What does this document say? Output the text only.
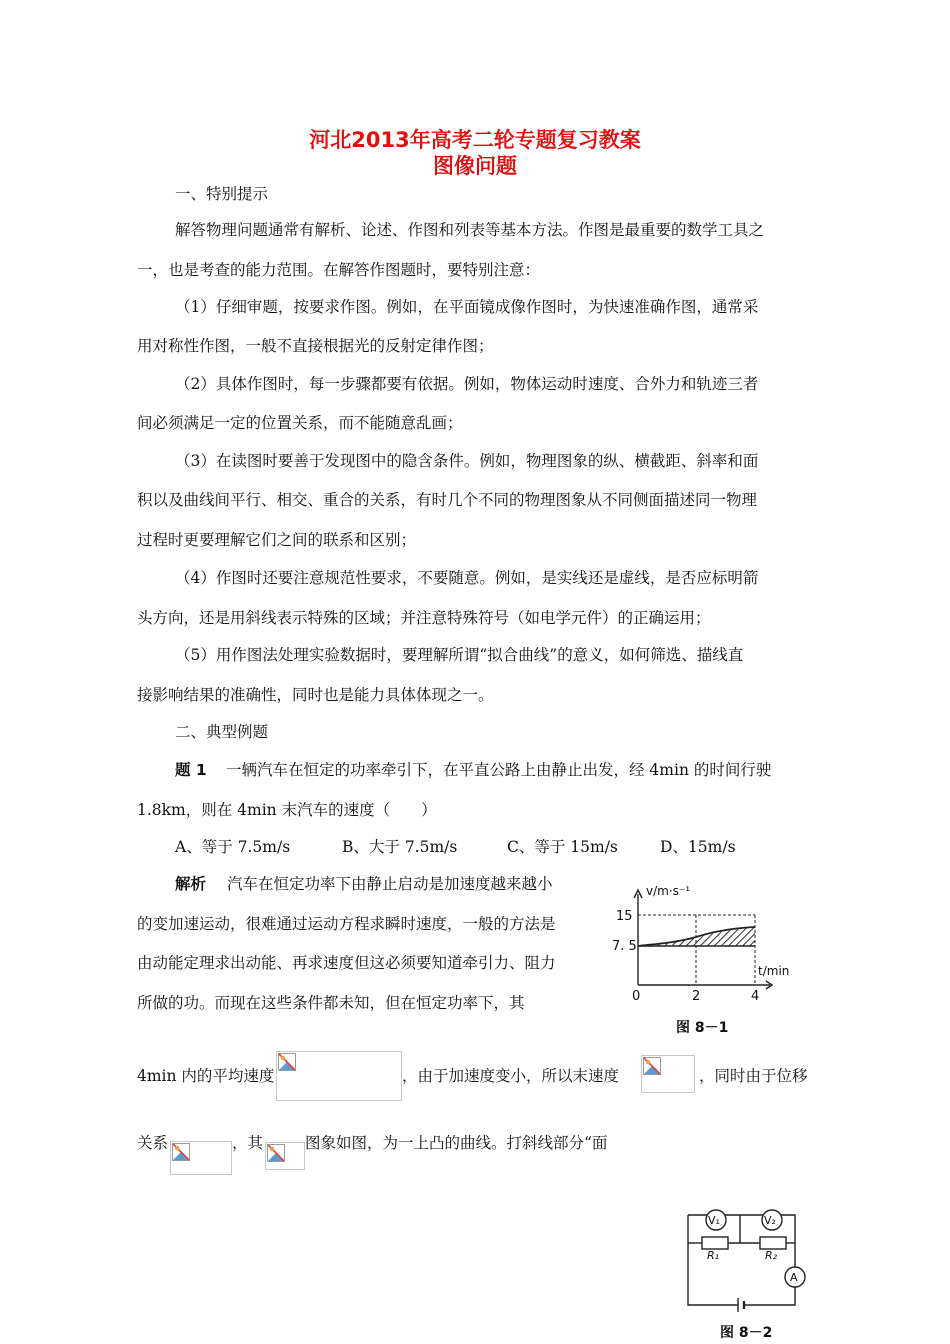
河北2013年高考二轮专题复习教案
图像问题
一、特别提示
解答物理问题通常有解析、论述、作图和列表等基本方法。作图是最重要的数学工具之
一，也是考查的能力范围。在解答作图题时，要特别注意：
（1）仔细审题，按要求作图。例如，在平面镜成像作图时，为快速准确作图，通常采
用对称性作图，一般不直接根据光的反射定律作图；
（2）具体作图时，每一步骤都要有依据。例如，物体运动时速度、合外力和轨迹三者
间必须满足一定的位置关系，而不能随意乱画；
（3）在读图时要善于发现图中的隐含条件。例如，物理图象的纵、横截距、斜率和面
积以及曲线间平行、相交、重合的关系，有时几个不同的物理图象从不同侧面描述同一物理
过程时更要理解它们之间的联系和区别；
（4）作图时还要注意规范性要求，不要随意。例如，是实线还是虚线，是否应标明箭
头方向，还是用斜线表示特殊的区域；并注意特殊符号（如电学元件）的正确运用；
（5）用作图法处理实验数据时，要理解所谓“拟合曲线”的意义，如何筛选、描线直
接影响结果的准确性，同时也是能力具体体现之一。
二、典型例题
题 1 一辆汽车在恒定的功率牵引下，在平直公路上由静止出发，经 4min 的时间行驶
1.8km，则在 4min 末汽车的速度（　　）
A、等于 7.5m/s	B、大于 7.5m/s	C、等于 15m/s	D、15m/s
解析 汽车在恒定功率下由静止启动是加速度越来越小
的变加速运动，很难通过运动方程求瞬时速度，一般的方法是
由动能定理求出动能、再求速度但这必须要知道牵引力、阻力
所做的功。而现在这些条件都未知，但在恒定功率下，其
4min 内的平均速度	，由于加速度变小，所以末速度	，同时由于位移
关系	，其	图象如图，为一上凸的曲线。打斜线部分“面
v/m·s⁻¹
t/min
15
7. 5
0	2	4
图 8－1
V₁	V₂
R₁	R₂
A
图 8－2
